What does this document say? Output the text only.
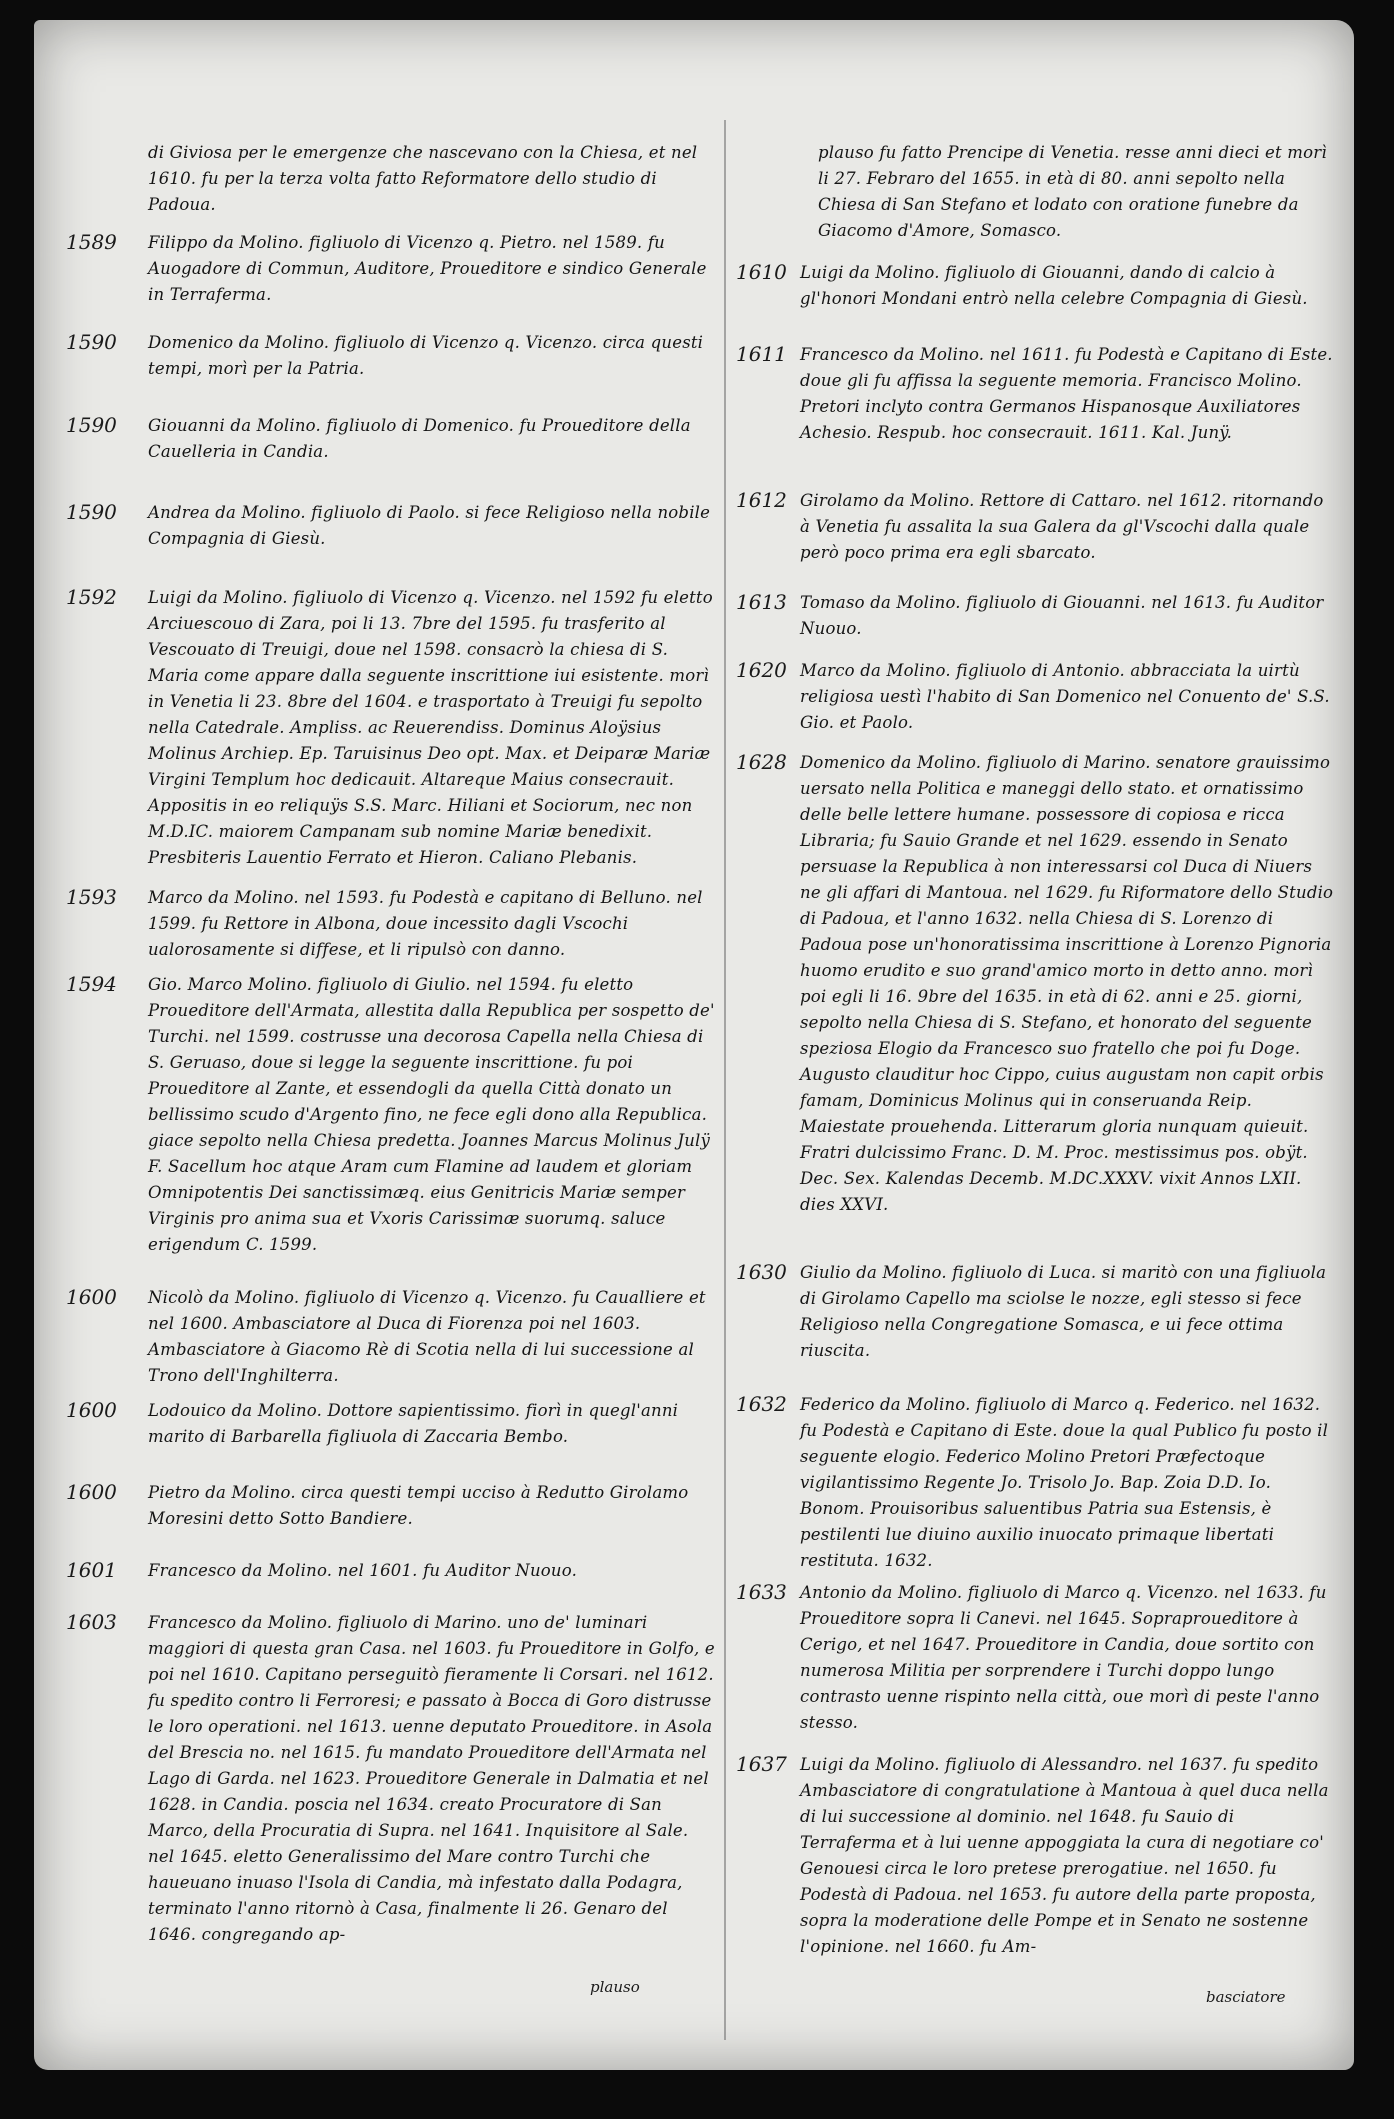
di Giviosa per le emergenze che nascevano con la Chiesa, et nel 1610. fu per la terza volta fatto Reformatore dello studio di Padoua.
1589	Filippo da Molino. figliuolo di Vicenzo q. Pietro. nel 1589. fu Auogadore di Commun, Auditore, Proueditore e sindico Generale in Terraferma.
1590	Domenico da Molino. figliuolo di Vicenzo q. Vicenzo. circa questi tempi, morì per la Patria.
1590	Giouanni da Molino. figliuolo di Domenico. fu Proueditore della Cauelleria in Candia.
1590	Andrea da Molino. figliuolo di Paolo. si fece Religioso nella nobile Compagnia di Giesù.
1592	Luigi da Molino. figliuolo di Vicenzo q. Vicenzo. nel 1592 fu eletto Arciuescouo di Zara, poi li 13. 7bre del 1595. fu trasferito al Vescouato di Treuigi, doue nel 1598. consacrò la chiesa di S. Maria come appare dalla seguente inscrittione iui esistente. morì in Venetia li 23. 8bre del 1604. e trasportato à Treuigi fu sepolto nella Catedrale. Ampliss. ac Reuerendiss. Dominus Aloÿsius Molinus Archiep. Ep. Taruisinus Deo opt. Max. et Deiparæ Mariæ Virgini Templum hoc dedicauit. Altareque Maius consecrauit. Appositis in eo reliquÿs S.S. Marc. Hiliani et Sociorum, nec non M.D.IC. maiorem Campanam sub nomine Mariæ benedixit. Presbiteris Lauentio Ferrato et Hieron. Caliano Plebanis.
1593	Marco da Molino. nel 1593. fu Podestà e capitano di Belluno. nel 1599. fu Rettore in Albona, doue incessito dagli Vscochi ualorosamente si diffese, et li ripulsò con danno.
1594	Gio. Marco Molino. figliuolo di Giulio. nel 1594. fu eletto Proueditore dell'Armata, allestita dalla Republica per sospetto de' Turchi. nel 1599. costrusse una decorosa Capella nella Chiesa di S. Geruaso, doue si legge la seguente inscrittione. fu poi Proueditore al Zante, et essendogli da quella Città donato un bellissimo scudo d'Argento fino, ne fece egli dono alla Republica. giace sepolto nella Chiesa predetta. Joannes Marcus Molinus Julÿ F. Sacellum hoc atque Aram cum Flamine ad laudem et gloriam Omnipotentis Dei sanctissimæq. eius Genitricis Mariæ semper Virginis pro anima sua et Vxoris Carissimæ suorumq. saluce erigendum C. 1599.
1600	Nicolò da Molino. figliuolo di Vicenzo q. Vicenzo. fu Caualliere et nel 1600. Ambasciatore al Duca di Fiorenza poi nel 1603. Ambasciatore à Giacomo Rè di Scotia nella di lui successione al Trono dell'Inghilterra.
1600	Lodouico da Molino. Dottore sapientissimo. fiorì in quegl'anni marito di Barbarella figliuola di Zaccaria Bembo.
1600	Pietro da Molino. circa questi tempi ucciso à Redutto Girolamo Moresini detto Sotto Bandiere.
1601	Francesco da Molino. nel 1601. fu Auditor Nuouo.
1603	Francesco da Molino. figliuolo di Marino. uno de' luminari maggiori di questa gran Casa. nel 1603. fu Proueditore in Golfo, e poi nel 1610. Capitano perseguitò fieramente li Corsari. nel 1612. fu spedito contro li Ferroresi; e passato à Bocca di Goro distrusse le loro operationi. nel 1613. uenne deputato Proueditore. in Asola del Brescia no. nel 1615. fu mandato Proueditore dell'Armata nel Lago di Garda. nel 1623. Proueditore Generale in Dalmatia et nel 1628. in Candia. poscia nel 1634. creato Procuratore di San Marco, della Procuratia di Supra. nel 1641. Inquisitore al Sale. nel 1645. eletto Generalissimo del Mare contro Turchi che haueuano inuaso l'Isola di Candia, mà infestato dalla Podagra, terminato l'anno ritornò à Casa, finalmente li 26. Genaro del 1646. congregando ap-
plauso
plauso fu fatto Prencipe di Venetia. resse anni dieci et morì li 27. Febraro del 1655. in età di 80. anni sepolto nella Chiesa di San Stefano et lodato con oratione funebre da Giacomo d'Amore, Somasco.
1610 Luigi da Molino. figliuolo di Giouanni, dando di calcio à gl'honori Mondani entrò nella celebre Compagnia di Giesù.
1611 Francesco da Molino. nel 1611. fu Podestà e Capitano di Este. doue gli fu affissa la seguente memoria. Francisco Molino. Pretori inclyto contra Germanos Hispanosque Auxiliatores Achesio. Respub. hoc consecrauit. 1611. Kal. Junÿ.
1612 Girolamo da Molino. Rettore di Cattaro. nel 1612. ritornando à Venetia fu assalita la sua Galera da gl'Vscochi dalla quale però poco prima era egli sbarcato.
1613 Tomaso da Molino. figliuolo di Giouanni. nel 1613. fu Auditor Nuouo.
1620 Marco da Molino. figliuolo di Antonio. abbracciata la uirtù religiosa uestì l'habito di San Domenico nel Conuento de' S.S. Gio. et Paolo.
1628 Domenico da Molino. figliuolo di Marino. senatore grauissimo uersato nella Politica e maneggi dello stato. et ornatissimo delle belle lettere humane. possessore di copiosa e ricca Libraria; fu Sauio Grande et nel 1629. essendo in Senato persuase la Republica à non interessarsi col Duca di Niuers ne gli affari di Mantoua. nel 1629. fu Riformatore dello Studio di Padoua, et l'anno 1632. nella Chiesa di S. Lorenzo di Padoua pose un'honoratissima inscrittione à Lorenzo Pignoria huomo erudito e suo grand'amico morto in detto anno. morì poi egli li 16. 9bre del 1635. in età di 62. anni e 25. giorni, sepolto nella Chiesa di S. Stefano, et honorato del seguente speziosa Elogio da Francesco suo fratello che poi fu Doge. Augusto clauditur hoc Cippo, cuius augustam non capit orbis famam, Dominicus Molinus qui in conseruanda Reip. Maiestate prouehenda. Litterarum gloria nunquam quieuit. Fratri dulcissimo Franc. D. M. Proc. mestissimus pos. obÿt. Dec. Sex. Kalendas Decemb. M.DC.XXXV. vixit Annos LXII. dies XXVI.
1630 Giulio da Molino. figliuolo di Luca. si maritò con una figliuola di Girolamo Capello ma sciolse le nozze, egli stesso si fece Religioso nella Congregatione Somasca, e ui fece ottima riuscita.
1632 Federico da Molino. figliuolo di Marco q. Federico. nel 1632. fu Podestà e Capitano di Este. doue la qual Publico fu posto il seguente elogio. Federico Molino Pretori Præfectoque vigilantissimo Regente Jo. Trisolo Jo. Bap. Zoia D.D. Io. Bonom. Prouisoribus saluentibus Patria sua Estensis, è pestilenti lue diuino auxilio inuocato primaque libertati restituta. 1632.
1633 Antonio da Molino. figliuolo di Marco q. Vicenzo. nel 1633. fu Proueditore sopra li Canevi. nel 1645. Sopraproueditore à Cerigo, et nel 1647. Proueditore in Candia, doue sortito con numerosa Militia per sorprendere i Turchi doppo lungo contrasto uenne rispinto nella città, oue morì di peste l'anno stesso.
1637 Luigi da Molino. figliuolo di Alessandro. nel 1637. fu spedito Ambasciatore di congratulatione à Mantoua à quel duca nella di lui successione al dominio. nel 1648. fu Sauio di Terraferma et à lui uenne appoggiata la cura di negotiare co' Genouesi circa le loro pretese prerogatiue. nel 1650. fu Podestà di Padoua. nel 1653. fu autore della parte proposta, sopra la moderatione delle Pompe et in Senato ne sostenne l'opinione. nel 1660. fu Am-
basciatore
